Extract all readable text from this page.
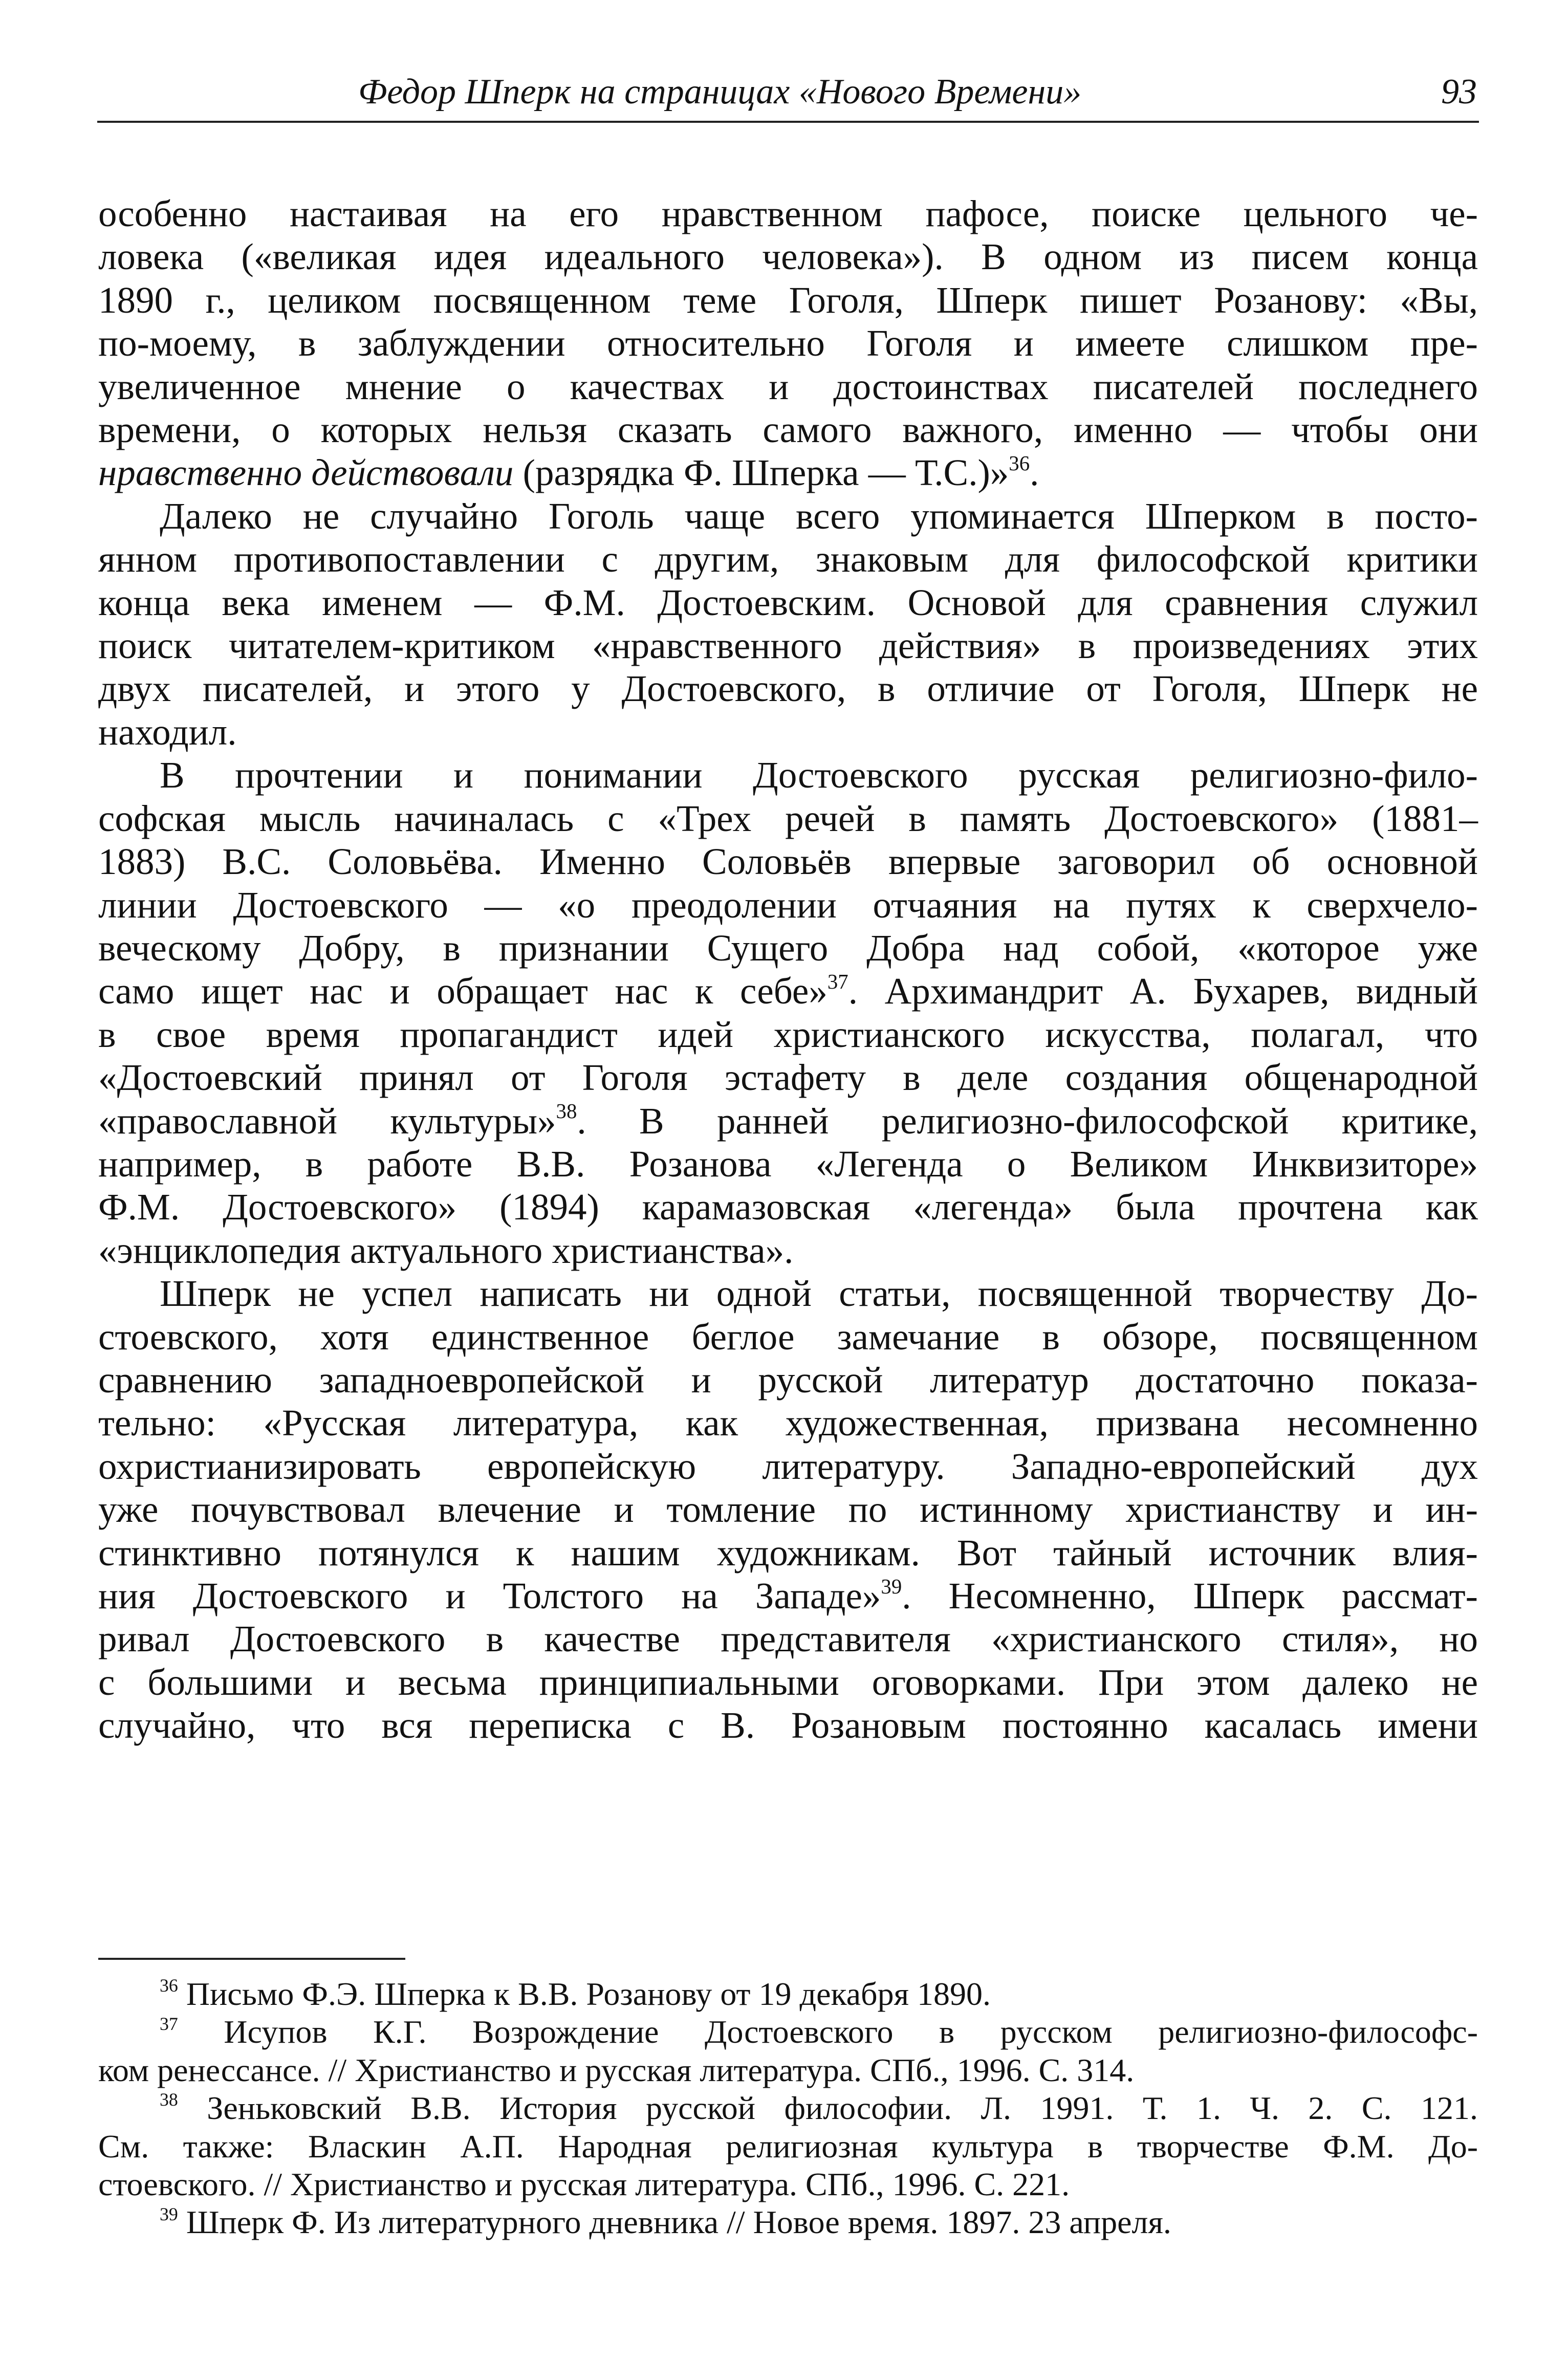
Федор Шперк на страницах «Нового Времени»	93
особенно настаивая на его нравственном пафосе, поиске цельного че-
ловека («великая идея идеального человека»). В одном из писем конца
1890 г., целиком посвященном теме Гоголя, Шперк пишет Розанову: «Вы,
по-моему, в заблуждении относительно Гоголя и имеете слишком пре-
увеличенное мнение о качествах и достоинствах писателей последнего
времени, о которых нельзя сказать самого важного, именно — чтобы они
нравственно действовали (разрядка Ф. Шперка — Т.С.)»$^{36}$.
Далеко не случайно Гоголь чаще всего упоминается Шперком в посто-
янном противопоставлении с другим, знаковым для философской критики
конца века именем — Ф.М. Достоевским. Основой для сравнения служил
поиск читателем-критиком «нравственного действия» в произведениях этих
двух писателей, и этого у Достоевского, в отличие от Гоголя, Шперк не
находил.
В прочтении и понимании Достоевского русская религиозно-фило-
софская мысль начиналась с «Трех речей в память Достоевского» (1881–
1883) В.С. Соловьёва. Именно Соловьёв впервые заговорил об основной
линии Достоевского — «о преодолении отчаяния на путях к сверхчело-
веческому Добру, в признании Сущего Добра над собой, «которое уже
само ищет нас и обращает нас к себе»$^{37}$. Архимандрит А. Бухарев, видный
в свое время пропагандист идей христианского искусства, полагал, что
«Достоевский принял от Гоголя эстафету в деле создания общенародной
«православной культуры»$^{38}$. В ранней религиозно-философской критике,
например, в работе В.В. Розанова «Легенда о Великом Инквизиторе»
Ф.М. Достоевского» (1894) карамазовская «легенда» была прочтена как
«энциклопедия актуального христианства».
Шперк не успел написать ни одной статьи, посвященной творчеству До-
стоевского, хотя единственное беглое замечание в обзоре, посвященном
сравнению западноевропейской и русской литератур достаточно показа-
тельно: «Русская литература, как художественная, призвана несомненно
охристианизировать европейскую литературу. Западно-европейский дух
уже почувствовал влечение и томление по истинному христианству и ин-
стинктивно потянулся к нашим художникам. Вот тайный источник влия-
ния Достоевского и Толстого на Западе»$^{39}$. Несомненно, Шперк рассмат-
ривал Достоевского в качестве представителя «христианского стиля», но
с большими и весьма принципиальными оговорками. При этом далеко не
случайно, что вся переписка с В. Розановым постоянно касалась имени
$^{36}$ Письмо Ф.Э. Шперка к В.В. Розанову от 19 декабря 1890.
$^{37}$ Исупов К.Г. Возрождение Достоевского в русском религиозно-философс-
ком ренессансе. // Христианство и русская литература. СПб., 1996. С. 314.
$^{38}$ Зеньковский В.В. История русской философии. Л. 1991. Т. 1. Ч. 2. С. 121.
См. также: Власкин А.П. Народная религиозная культура в творчестве Ф.М. До-
стоевского. // Христианство и русская литература. СПб., 1996. С. 221.
$^{39}$ Шперк Ф. Из литературного дневника // Новое время. 1897. 23 апреля.
